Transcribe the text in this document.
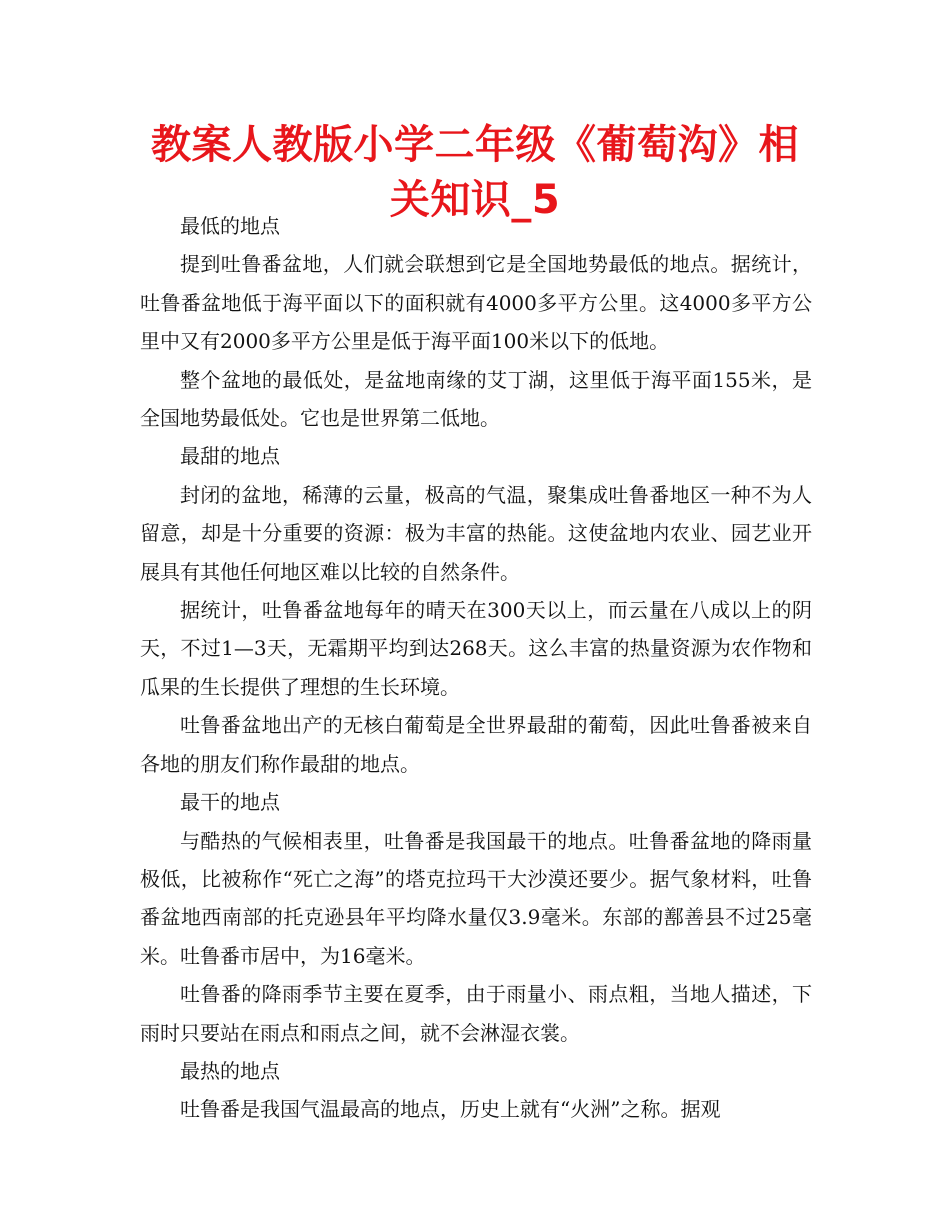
教案人教版小学二年级《葡萄沟》相关知识_5

最低的地点

提到吐鲁番盆地，人们就会联想到它是全国地势最低的地点。据统计，吐鲁番盆地低于海平面以下的面积就有4000多平方公里。这4000多平方公里中又有2000多平方公里是低于海平面100米以下的低地。

整个盆地的最低处，是盆地南缘的艾丁湖，这里低于海平面155米，是全国地势最低处。它也是世界第二低地。

最甜的地点

封闭的盆地，稀薄的云量，极高的气温，聚集成吐鲁番地区一种不为人留意，却是十分重要的资源：极为丰富的热能。这使盆地内农业、园艺业开展具有其他任何地区难以比较的自然条件。

据统计，吐鲁番盆地每年的晴天在300天以上，而云量在八成以上的阴天，不过1—3天，无霜期平均到达268天。这么丰富的热量资源为农作物和瓜果的生长提供了理想的生长环境。

吐鲁番盆地出产的无核白葡萄是全世界最甜的葡萄，因此吐鲁番被来自各地的朋友们称作最甜的地点。

最干的地点

与酷热的气候相表里，吐鲁番是我国最干的地点。吐鲁番盆地的降雨量极低，比被称作“死亡之海”的塔克拉玛干大沙漠还要少。据气象材料，吐鲁番盆地西南部的托克逊县年平均降水量仅3.9毫米。东部的鄯善县不过25毫米。吐鲁番市居中，为16毫米。

吐鲁番的降雨季节主要在夏季，由于雨量小、雨点粗，当地人描述，下雨时只要站在雨点和雨点之间，就不会淋湿衣裳。

最热的地点

吐鲁番是我国气温最高的地点，历史上就有“火洲”之称。据观
